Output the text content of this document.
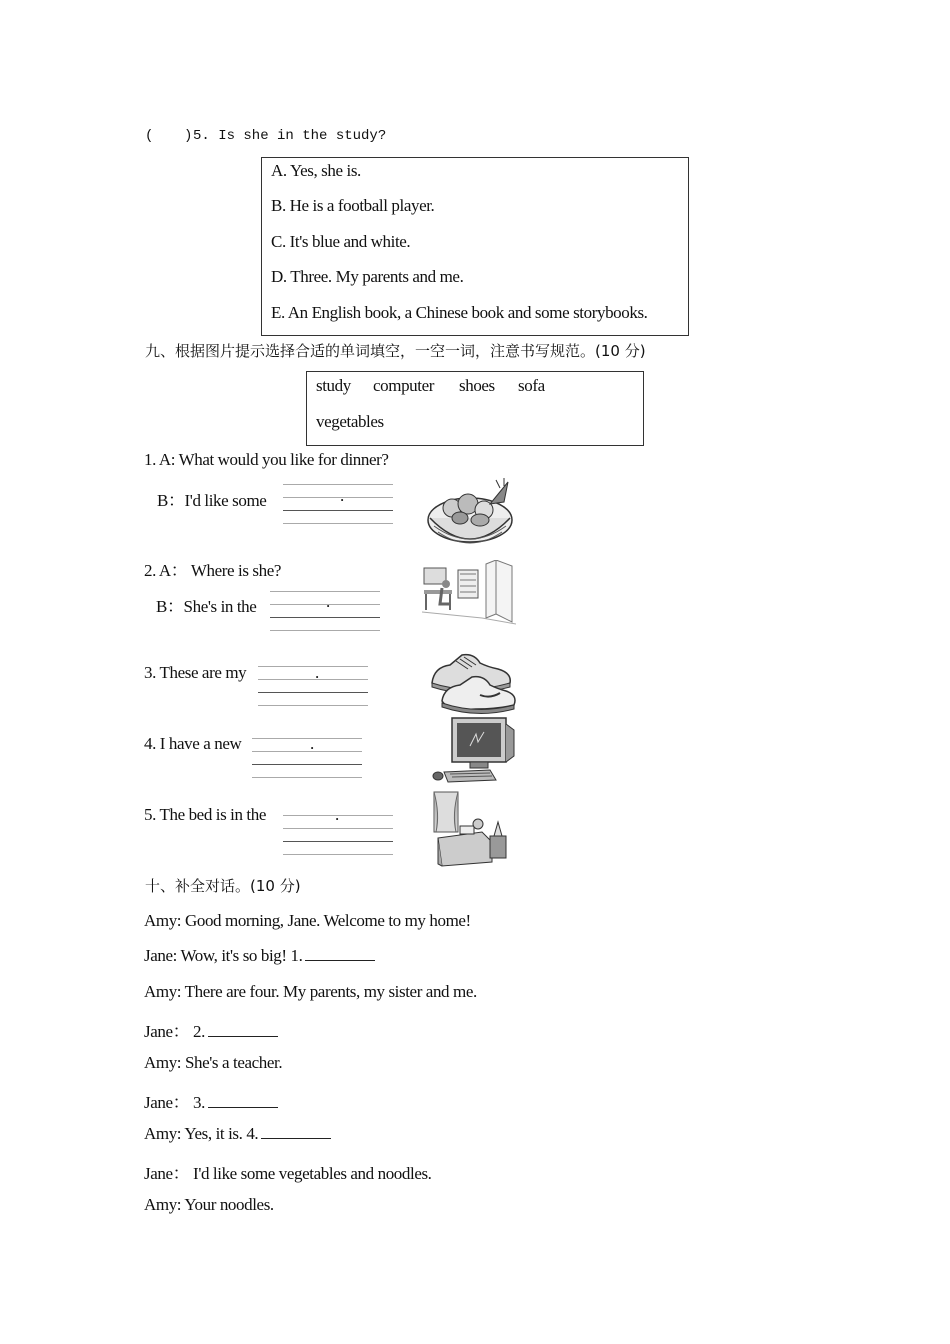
( ) 5. Is she in the study?
A. Yes, she is.
B. He is a football player.
C. It's blue and white.
D. Three. My parents and me.
E. An English book, a Chinese book and some storybooks.
九、根据图片提示选择合适的单词填空，一空一词，注意书写规范。(10 分)
study computer shoes sofa
vegetables
1. A: What would you like for dinner?
B：I'd like some	.
2. A： Where is she?
B：She's in the	.
3. These are my	.
4. I have a new	.
5. The bed is in the	.
十、补全对话。(10 分)
Amy: Good morning, Jane. Welcome to my home!
Jane: Wow, it's so big! 1.
Amy: There are four. My parents, my sister and me.
Jane： 2.
Amy: She's a teacher.
Jane： 3.
Amy: Yes, it is. 4.
Jane： I'd like some vegetables and noodles.
Amy: Your noodles.
